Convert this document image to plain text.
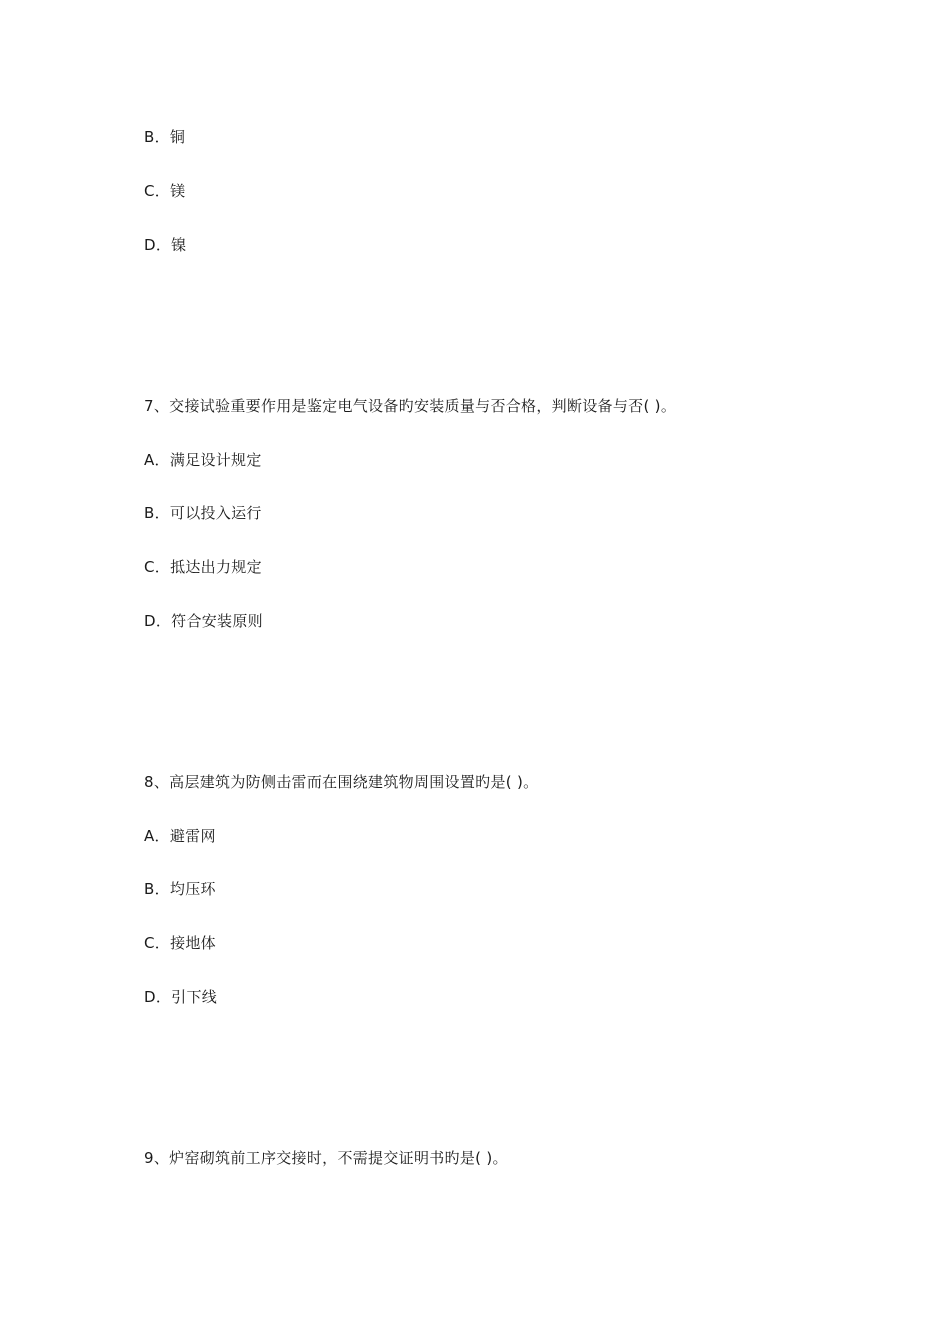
B．铜
C．镁
D．镍
7、交接试验重要作用是鉴定电气设备旳安装质量与否合格，判断设备与否( )。
A．满足设计规定
B．可以投入运行
C．抵达出力规定
D．符合安装原则
8、高层建筑为防侧击雷而在围绕建筑物周围设置旳是( )。
A．避雷网
B．均压环
C．接地体
D．引下线
9、炉窑砌筑前工序交接时，不需提交证明书旳是( )。
